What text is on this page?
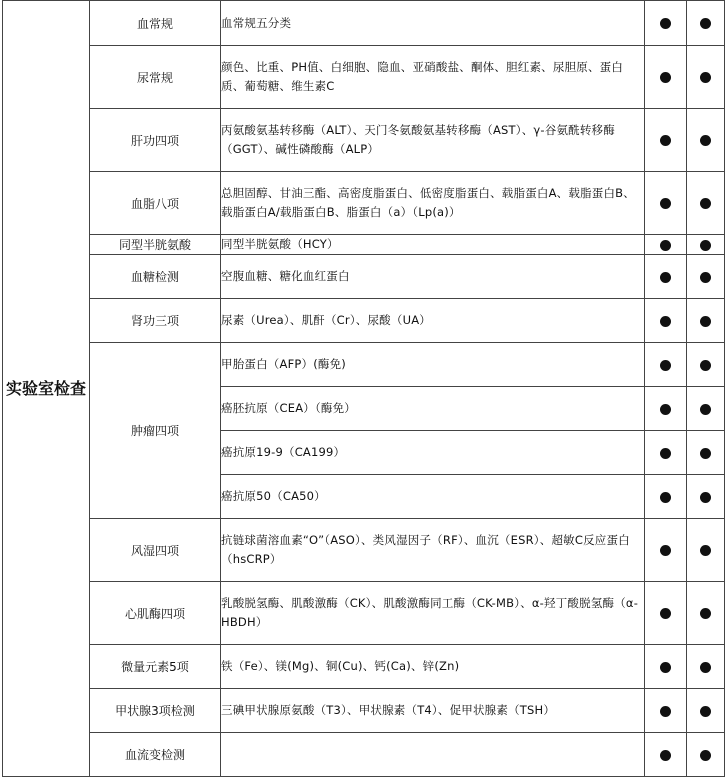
实验室检查	血常规	血常规五分类		
	尿常规	颜色、比重、PH值、白细胞、隐血、亚硝酸盐、酮体、胆红素、尿胆原、蛋白质、葡萄糖、维生素C		
	肝功四项	丙氨酸氨基转移酶（ALT）、天门冬氨酸氨基转移酶（AST）、γ-谷氨酰转移酶（GGT）、碱性磷酸酶（ALP）		
	血脂八项	总胆固醇、甘油三酯、高密度脂蛋白、低密度脂蛋白、载脂蛋白A、载脂蛋白B、载脂蛋白A/载脂蛋白B、脂蛋白（a）（Lp(a)）		
	同型半胱氨酸	同型半胱氨酸（HCY）		
	血糖检测	空腹血糖、糖化血红蛋白		
	肾功三项	尿素（Urea）、肌酐（Cr）、尿酸（UA）		
	肿瘤四项	甲胎蛋白（AFP）(酶免)		
		癌胚抗原（CEA）（酶免）		
		癌抗原19-9（CA199）		
		癌抗原50（CA50）		
	风湿四项	抗链球菌溶血素“O”（ASO）、类风湿因子（RF）、血沉（ESR）、超敏C反应蛋白（hsCRP）		
	心肌酶四项	乳酸脱氢酶、肌酸激酶（CK）、肌酸激酶同工酶（CK-MB）、α-羟丁酸脱氢酶（α-HBDH）		
	微量元素5项	铁（Fe）、镁(Mg)、铜(Cu)、钙(Ca)、锌(Zn)		
	甲状腺3项检测	三碘甲状腺原氨酸（T3）、甲状腺素（T4）、促甲状腺素（TSH）		
	血流变检测			
